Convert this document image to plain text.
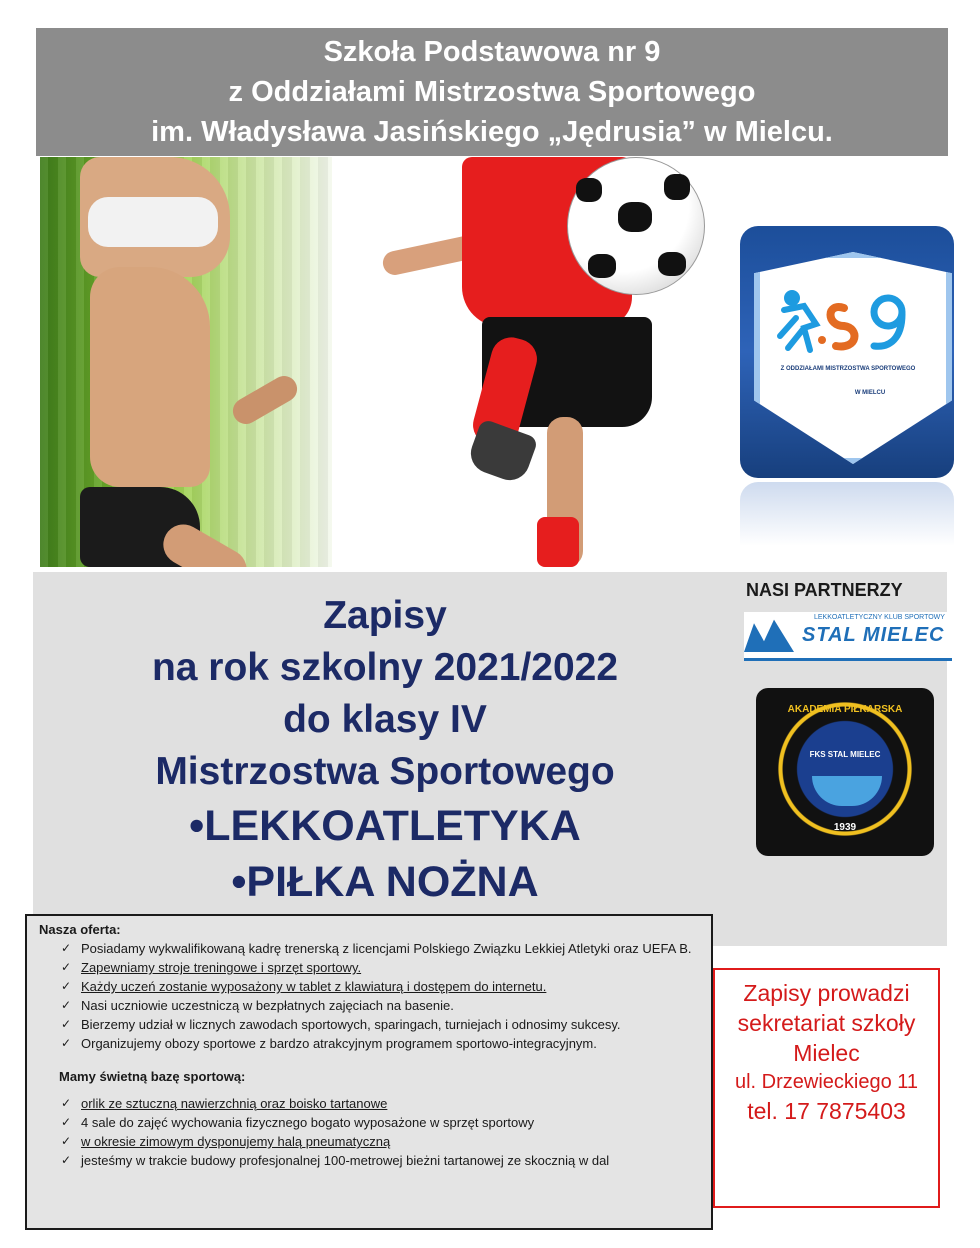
Szkoła Podstawowa nr 9
z Oddziałami Mistrzostwa Sportowego
im. Władysława Jasińskiego „Jędrusia” w Mielcu.
Z ODDZIAŁAMI MISTRZOSTWA SPORTOWEGO
W MIELCU
Zapisy
na rok szkolny 2021/2022
do klasy IV
Mistrzostwa Sportowego
•LEKKOATLETYKA
•PIŁKA NOŻNA
NASI PARTNERZY
LEKKOATLETYCZNY KLUB SPORTOWY
STAL MIELEC
AKADEMIA PIŁKARSKA
FKS STAL MIELEC
1939
Nasza oferta:
✓ Posiadamy wykwalifikowaną kadrę trenerską z licencjami Polskiego Związku Lekkiej Atletyki oraz UEFA B.
✓ Zapewniamy stroje treningowe i sprzęt sportowy.
✓ Każdy uczeń zostanie wyposażony w tablet z klawiaturą i dostępem do internetu.
✓ Nasi uczniowie uczestniczą w bezpłatnych zajęciach na basenie.
✓ Bierzemy udział w licznych zawodach sportowych, sparingach, turniejach i odnosimy sukcesy.
✓ Organizujemy obozy sportowe z bardzo atrakcyjnym programem sportowo-integracyjnym.
Mamy świetną bazę sportową:
✓ orlik ze sztuczną nawierzchnią oraz boisko tartanowe
✓ 4 sale do zajęć wychowania fizycznego bogato wyposażone w sprzęt sportowy
✓ w okresie zimowym dysponujemy halą pneumatyczną
✓ jesteśmy w trakcie budowy profesjonalnej 100-metrowej bieżni tartanowej ze skocznią w dal
Zapisy prowadzi
sekretariat szkoły
Mielec
ul. Drzewieckiego 11
tel. 17 7875403
